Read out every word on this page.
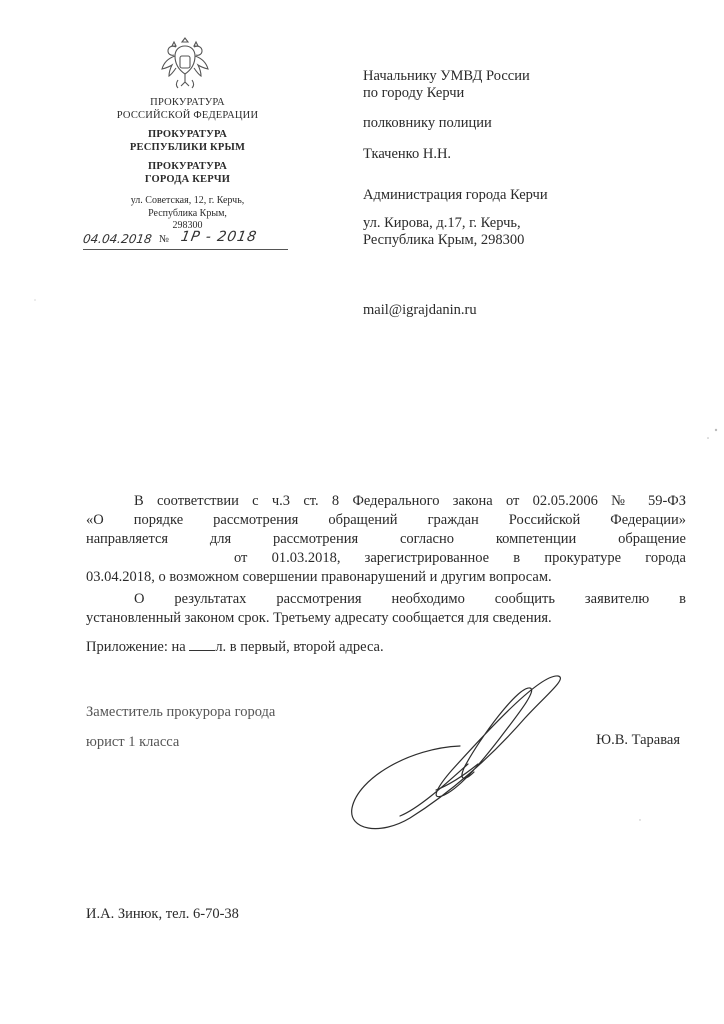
ПРОКУРАТУРА
РОССИЙСКОЙ ФЕДЕРАЦИИ
ПРОКУРАТУРА
РЕСПУБЛИКИ КРЫМ
ПРОКУРАТУРА
ГОРОДА КЕРЧИ
ул. Советская, 12, г. Керчь,
Республика Крым,
298300
04.04.2018 № 1Р - 2018
Начальнику УМВД России
по городу Керчи
полковнику полиции
Ткаченко Н.Н.
Администрация города Керчи
ул. Кирова, д.17, г. Керчь,
Республика Крым, 298300
mail@igrajdanin.ru
В соответствии с ч.3 ст. 8 Федерального закона от 02.05.2006 № 59-ФЗ
«О порядке рассмотрения обращений граждан Российской Федерации»
направляется для рассмотрения согласно компетенции обращение
от 01.03.2018, зарегистрированное в прокуратуре города
03.04.2018, о возможном совершении правонарушений и другим вопросам.
О результатах рассмотрения необходимо сообщить заявителю в
установленный законом срок. Третьему адресату сообщается для сведения.
Приложение: на л. в первый, второй адреса.
Заместитель прокурора города
юрист 1 класса	Ю.В. Таравая
И.А. Зинюк, тел. 6-70-38
